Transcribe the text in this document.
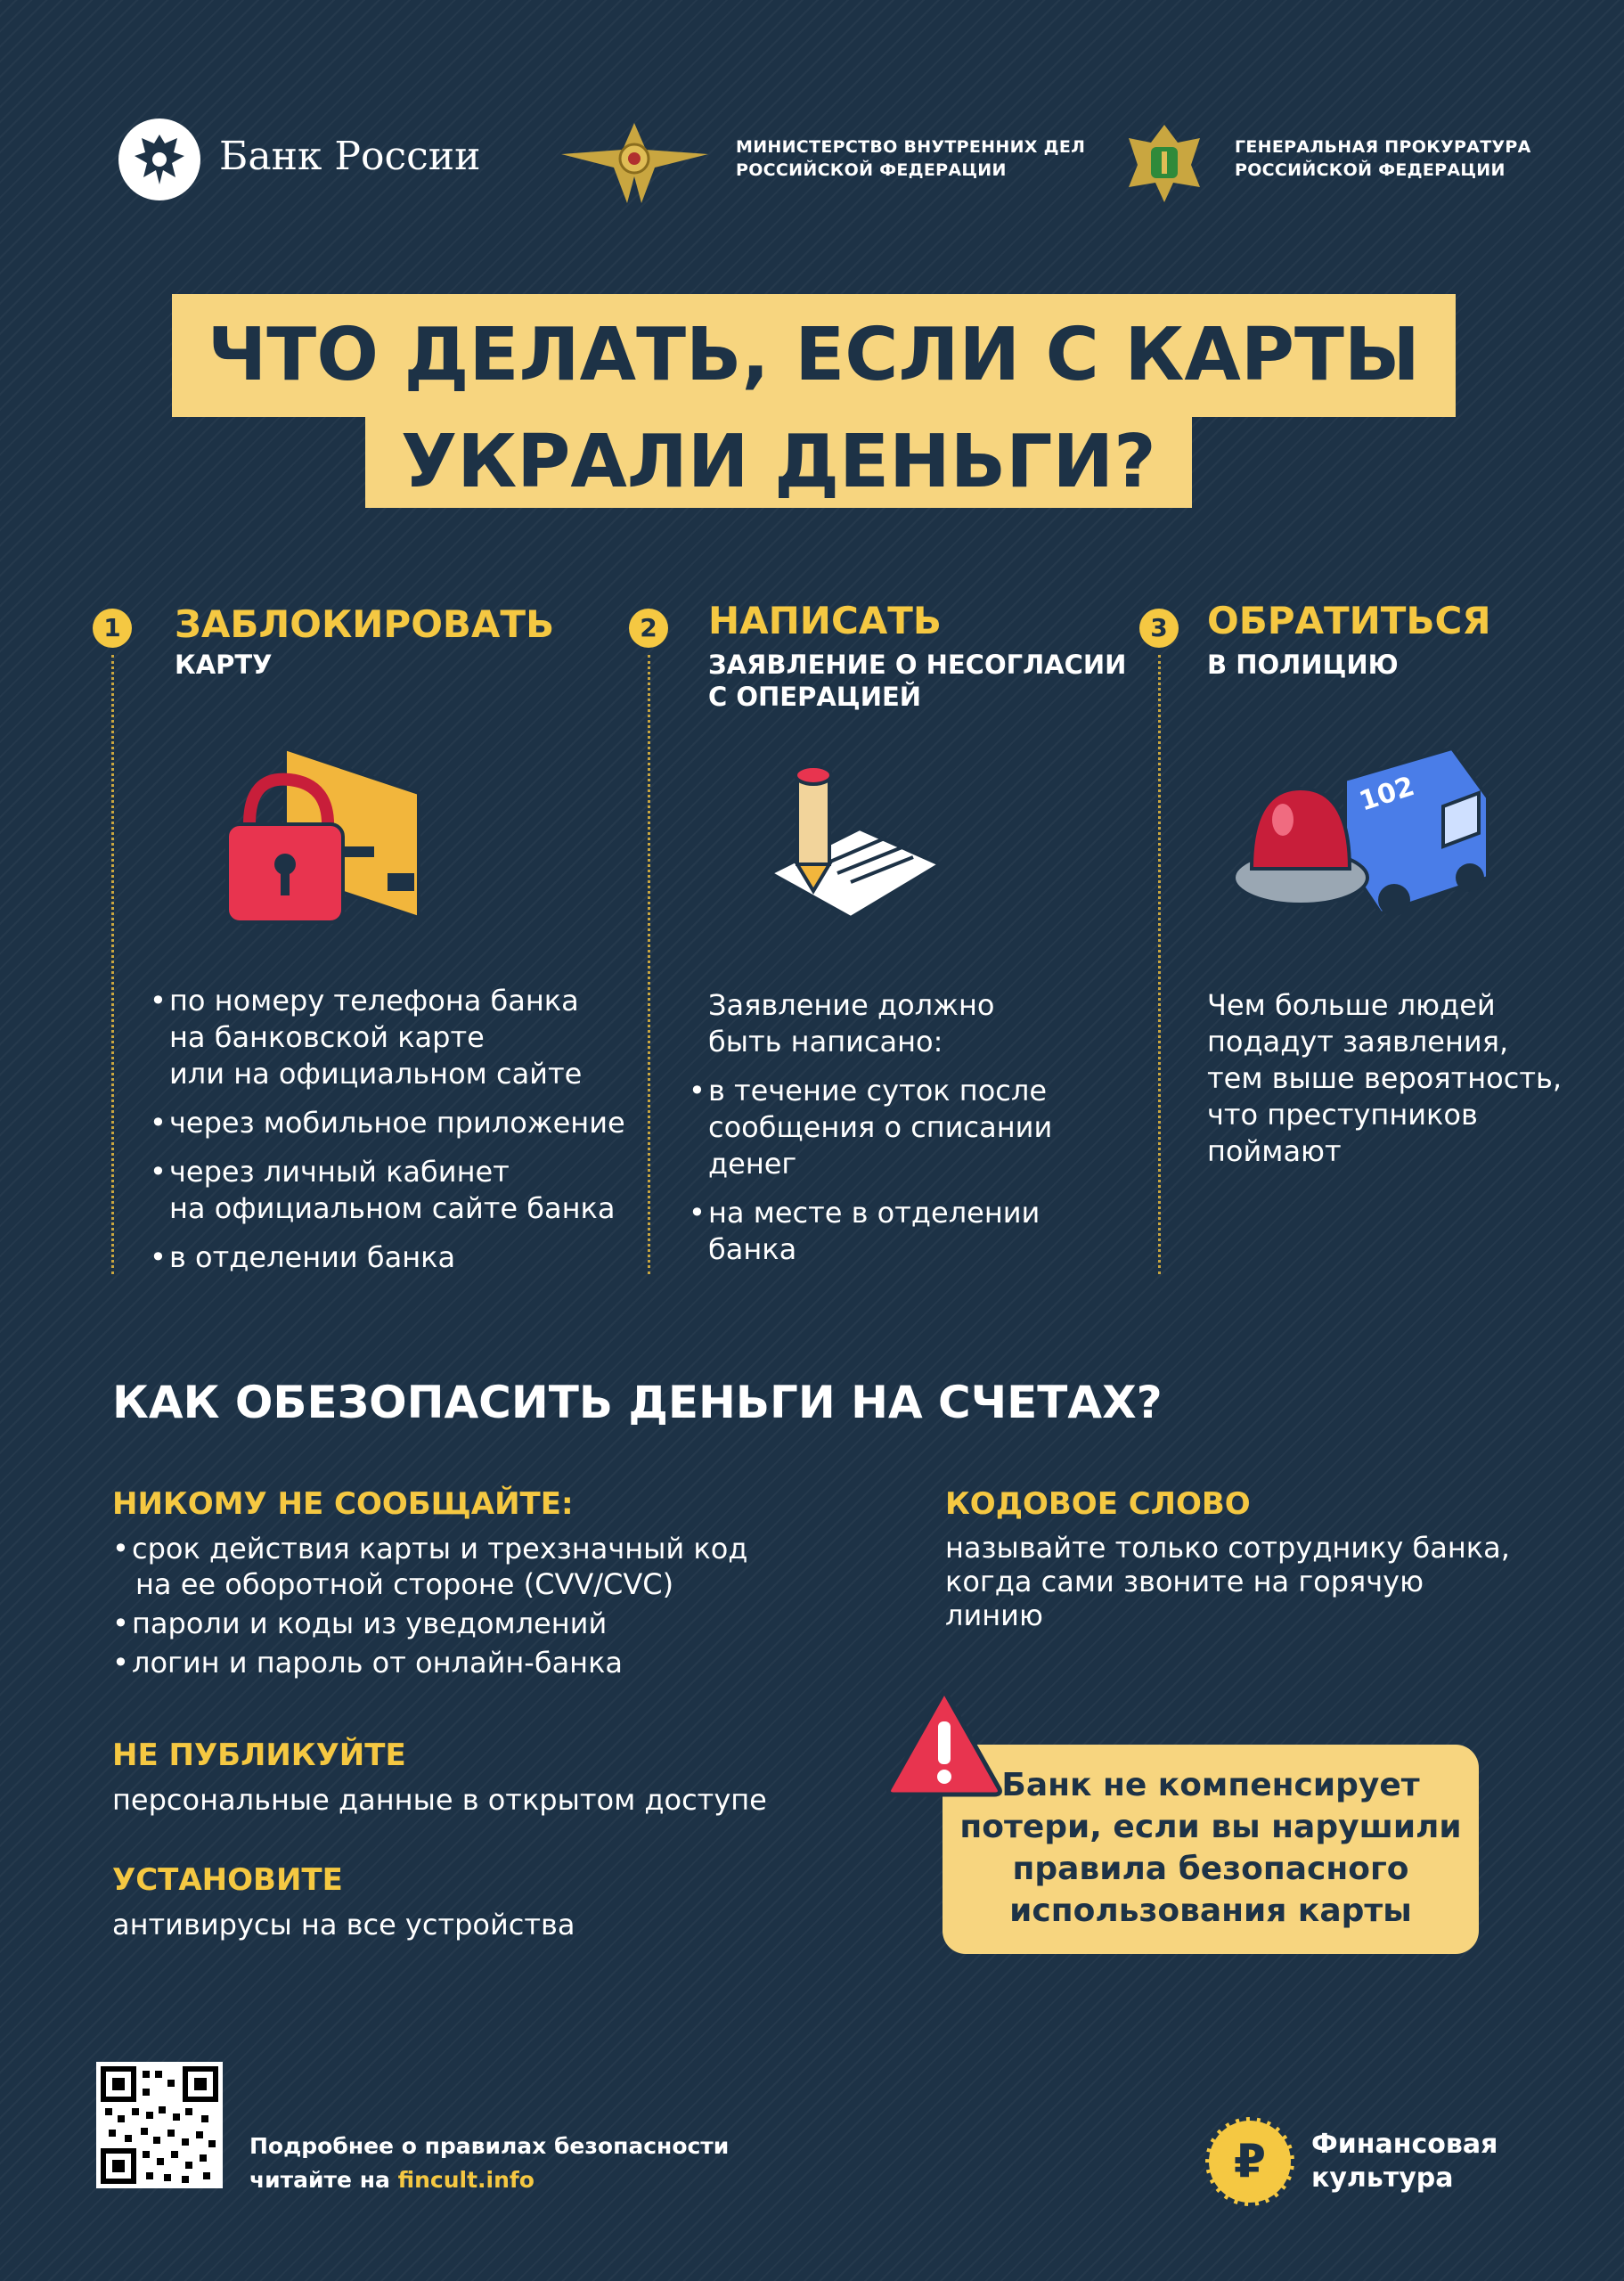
Банк России	МИНИСТЕРСТВО ВНУТРЕННИХ ДЕЛ
РОССИЙСКОЙ ФЕДЕРАЦИИ
ГЕНЕРАЛЬНАЯ ПРОКУРАТУРА
РОССИЙСКОЙ ФЕДЕРАЦИИ
ЧТО ДЕЛАТЬ, ЕСЛИ С КАРТЫ
УКРАЛИ ДЕНЬГИ?
1 ЗАБЛОКИРОВАТЬ
КАРТУ
• по номеру телефона банка
на банковской карте
или на официальном сайте
• через мобильное приложение
• через личный кабинет
на официальном сайте банка
• в отделении банка
2 НАПИСАТЬ
ЗАЯВЛЕНИЕ О НЕСОГЛАСИИ
С ОПЕРАЦИЕЙ
Заявление должно
быть написано:
• в течение суток после
сообщения о списании
денег
• на месте в отделении
банка
3 ОБРАТИТЬСЯ
В ПОЛИЦИЮ
102
Чем больше людей
подадут заявления,
тем выше вероятность,
что преступников
поймают
КАК ОБЕЗОПАСИТЬ ДЕНЬГИ НА СЧЕТАХ?
НИКОМУ НЕ СООБЩАЙТЕ:
• срок действия карты и трехзначный код
на ее оборотной стороне (CVV/CVC)
• пароли и коды из уведомлений
• логин и пароль от онлайн-банка
НЕ ПУБЛИКУЙТЕ
персональные данные в открытом доступе
УСТАНОВИТЕ
антивирусы на все устройства
КОДОВОЕ СЛОВО
называйте только сотруднику банка,
когда сами звоните на горячую
линию
Банк не компенсирует
потери, если вы нарушили
правила безопасного
использования карты
Подробнее о правилах безопасности
читайте на fincult.info	₽	Финансовая
культура
